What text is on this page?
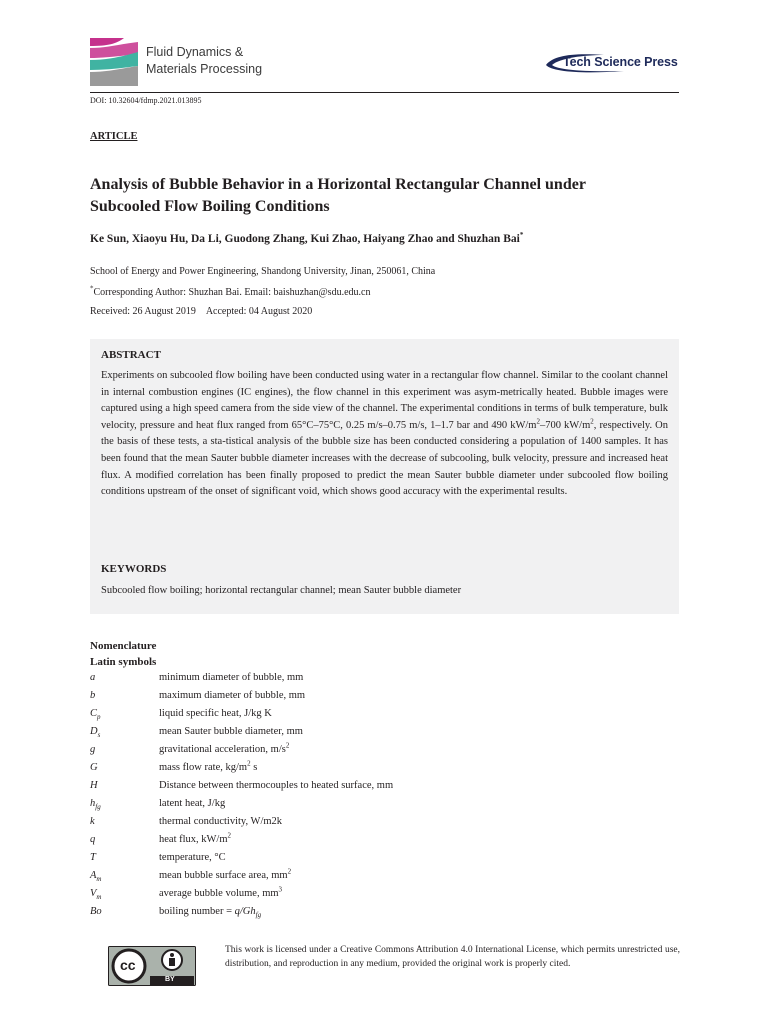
Fluid Dynamics &
Materials Processing	Tech Science Press
DOI: 10.32604/fdmp.2021.013895
ARTICLE
Analysis of Bubble Behavior in a Horizontal Rectangular Channel under
Subcooled Flow Boiling Conditions
Ke Sun, Xiaoyu Hu, Da Li, Guodong Zhang, Kui Zhao, Haiyang Zhao and Shuzhan Bai*
School of Energy and Power Engineering, Shandong University, Jinan, 250061, China
*Corresponding Author: Shuzhan Bai. Email: baishuzhan@sdu.edu.cn
Received: 26 August 2019 Accepted: 04 August 2020
ABSTRACT
Experiments on subcooled flow boiling have been conducted using water in a rectangular flow channel. Similar to the coolant channel in internal combustion engines (IC engines), the flow channel in this experiment was asym-metrically heated. Bubble images were captured using a high speed camera from the side view of the channel. The experimental conditions in terms of bulk temperature, bulk velocity, pressure and heat flux ranged from 65°C–75°C, 0.25 m/s–0.75 m/s, 1–1.7 bar and 490 $kW/m^2-700$ $kW/m^2$, respectively. On the basis of these tests, a sta-tistical analysis of the bubble size has been conducted considering a population of 1400 samples. It has been found that the mean Sauter bubble diameter increases with the decrease of subcooling, bulk velocity, pressure and increased heat flux. A modified correlation has been finally proposed to predict the mean Sauter bubble diameter under subcooled flow boiling conditions upstream of the onset of significant void, which shows good accuracy with the experimental results.
KEYWORDS
Subcooled flow boiling; horizontal rectangular channel; mean Sauter bubble diameter
Nomenclature
Latin symbols
a	minimum diameter of bubble, mm
b	maximum diameter of bubble, mm
$C_p$	liquid specific heat, J/kg K
$D_s$	mean Sauter bubble diameter, mm
g	gravitational acceleration, $m/s^2$
G	mass flow rate, $kg/m^2$ s
H	Distance between thermocouples to heated surface, mm
$h_{fg}$	latent heat, J/kg
k	thermal conductivity, W/m2k
q	heat flux, $kW/m^2$
T	temperature, °C
$A_m$	mean bubble surface area, $mm^2$
$V_m$	average bubble volume, $mm^3$
Bo	boiling number = $q/Gh_{fg}$
cc
BY
This work is licensed under a Creative Commons Attribution 4.0 International License, which permits unrestricted use, distribution, and reproduction in any medium, provided the original work is properly cited.
